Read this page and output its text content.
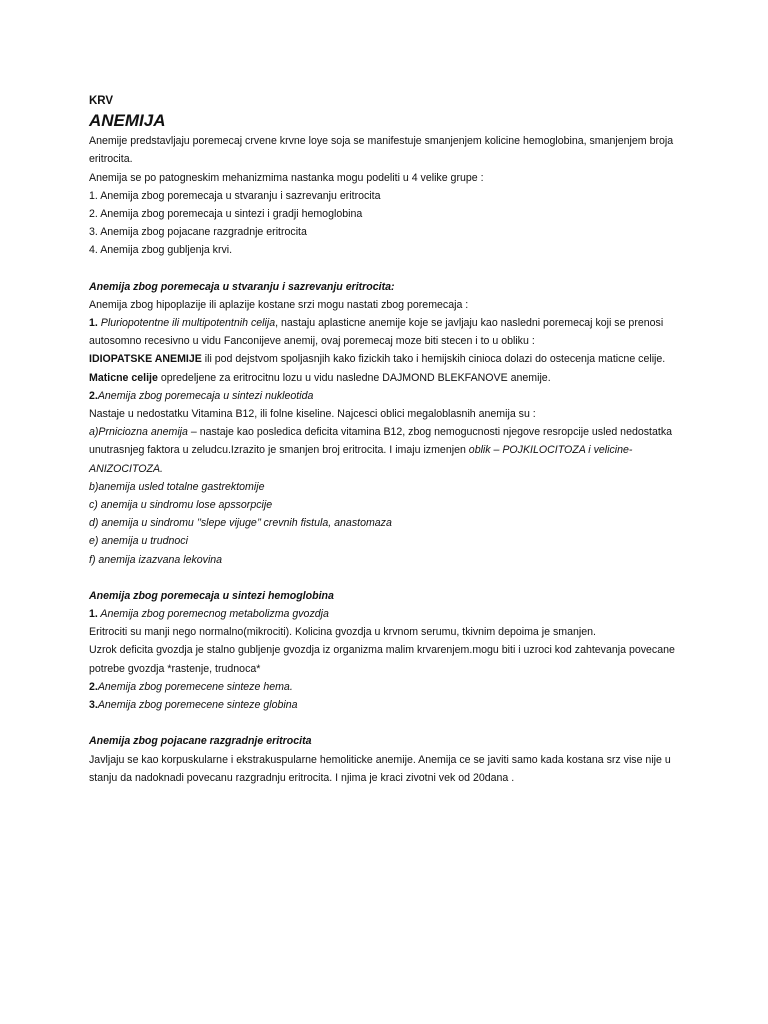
KRV

ANEMIJA

Anemije predstavljaju poremecaj crvene krvne loye soja se manifestuje smanjenjem kolicine hemoglobina, smanjenjem broja eritrocita.

Anemija se po patogneskim mehanizmima nastanka mogu podeliti u 4 velike grupe :

1. Anemija zbog poremecaja u stvaranju i sazrevanju eritrocita

2. Anemija zbog poremecaja u sintezi i gradji hemoglobina

3. Anemija zbog pojacane razgradnje eritrocita

4. Anemija zbog gubljenja krvi.

Anemija zbog poremecaja u stvaranju i sazrevanju eritrocita:

Anemija zbog hipoplazije ili aplazije kostane srzi mogu nastati zbog poremecaja :

1. Pluriopotentne ili multipotentnih celija, nastaju aplasticne anemije koje se javljaju kao nasledni poremecaj koji se prenosi autosomno recesivno u vidu Fanconijeve anemij, ovaj poremecaj moze biti stecen i to u obliku :

IDIOPATSKE ANEMIJE ili pod dejstvom spoljasnjih kako fizickih tako i hemijskih cinioca dolazi do ostecenja maticne celije.

Maticne celije opredeljene za eritrocitnu lozu u vidu nasledne DAJMOND BLEKFANOVE anemije.

2.Anemija zbog poremecaja u sintezi nukleotida

Nastaje u nedostatku Vitamina B12, ili folne kiseline. Najcesci oblici megaloblasnih anemija su :

a)Prniciozna anemija – nastaje kao posledica deficita vitamina B12, zbog nemogucnosti njegove resropcije usled nedostatka unutrasnjeg faktora u zeludcu.Izrazito je smanjen broj eritrocita. I imaju izmenjen oblik – POJKILOCITOZA i velicine- ANIZOCITOZA.

b)anemija usled totalne gastrektomije

c) anemija u sindromu lose apssorpcije

d) anemija u sindromu ’’slepe vijuge’’ crevnih fistula, anastomaza

e) anemija u trudnoci

f) anemija izazvana lekovina

Anemija zbog poremecaja u sintezi hemoglobina

1. Anemija zbog poremecnog metabolizma gvozdja

Eritrociti su manji nego normalno(mikrociti). Kolicina gvozdja u krvnom serumu, tkivnim depoima je smanjen.

Uzrok deficita gvozdja je stalno gubljenje gvozdja iz organizma malim krvarenjem.mogu biti i uzroci kod zahtevanja povecane potrebe gvozdja *rastenje, trudnoca*

2.Anemija zbog poremecene sinteze hema.

3.Anemija zbog poremecene sinteze globina

Anemija zbog pojacane razgradnje eritrocita

Javljaju se kao korpuskularne i ekstrakuspularne hemoliticke anemije. Anemija ce se javiti samo kada kostana srz vise nije u stanju da nadoknadi povecanu razgradnju eritrocita. I njima je kraci zivotni vek od 20dana .
